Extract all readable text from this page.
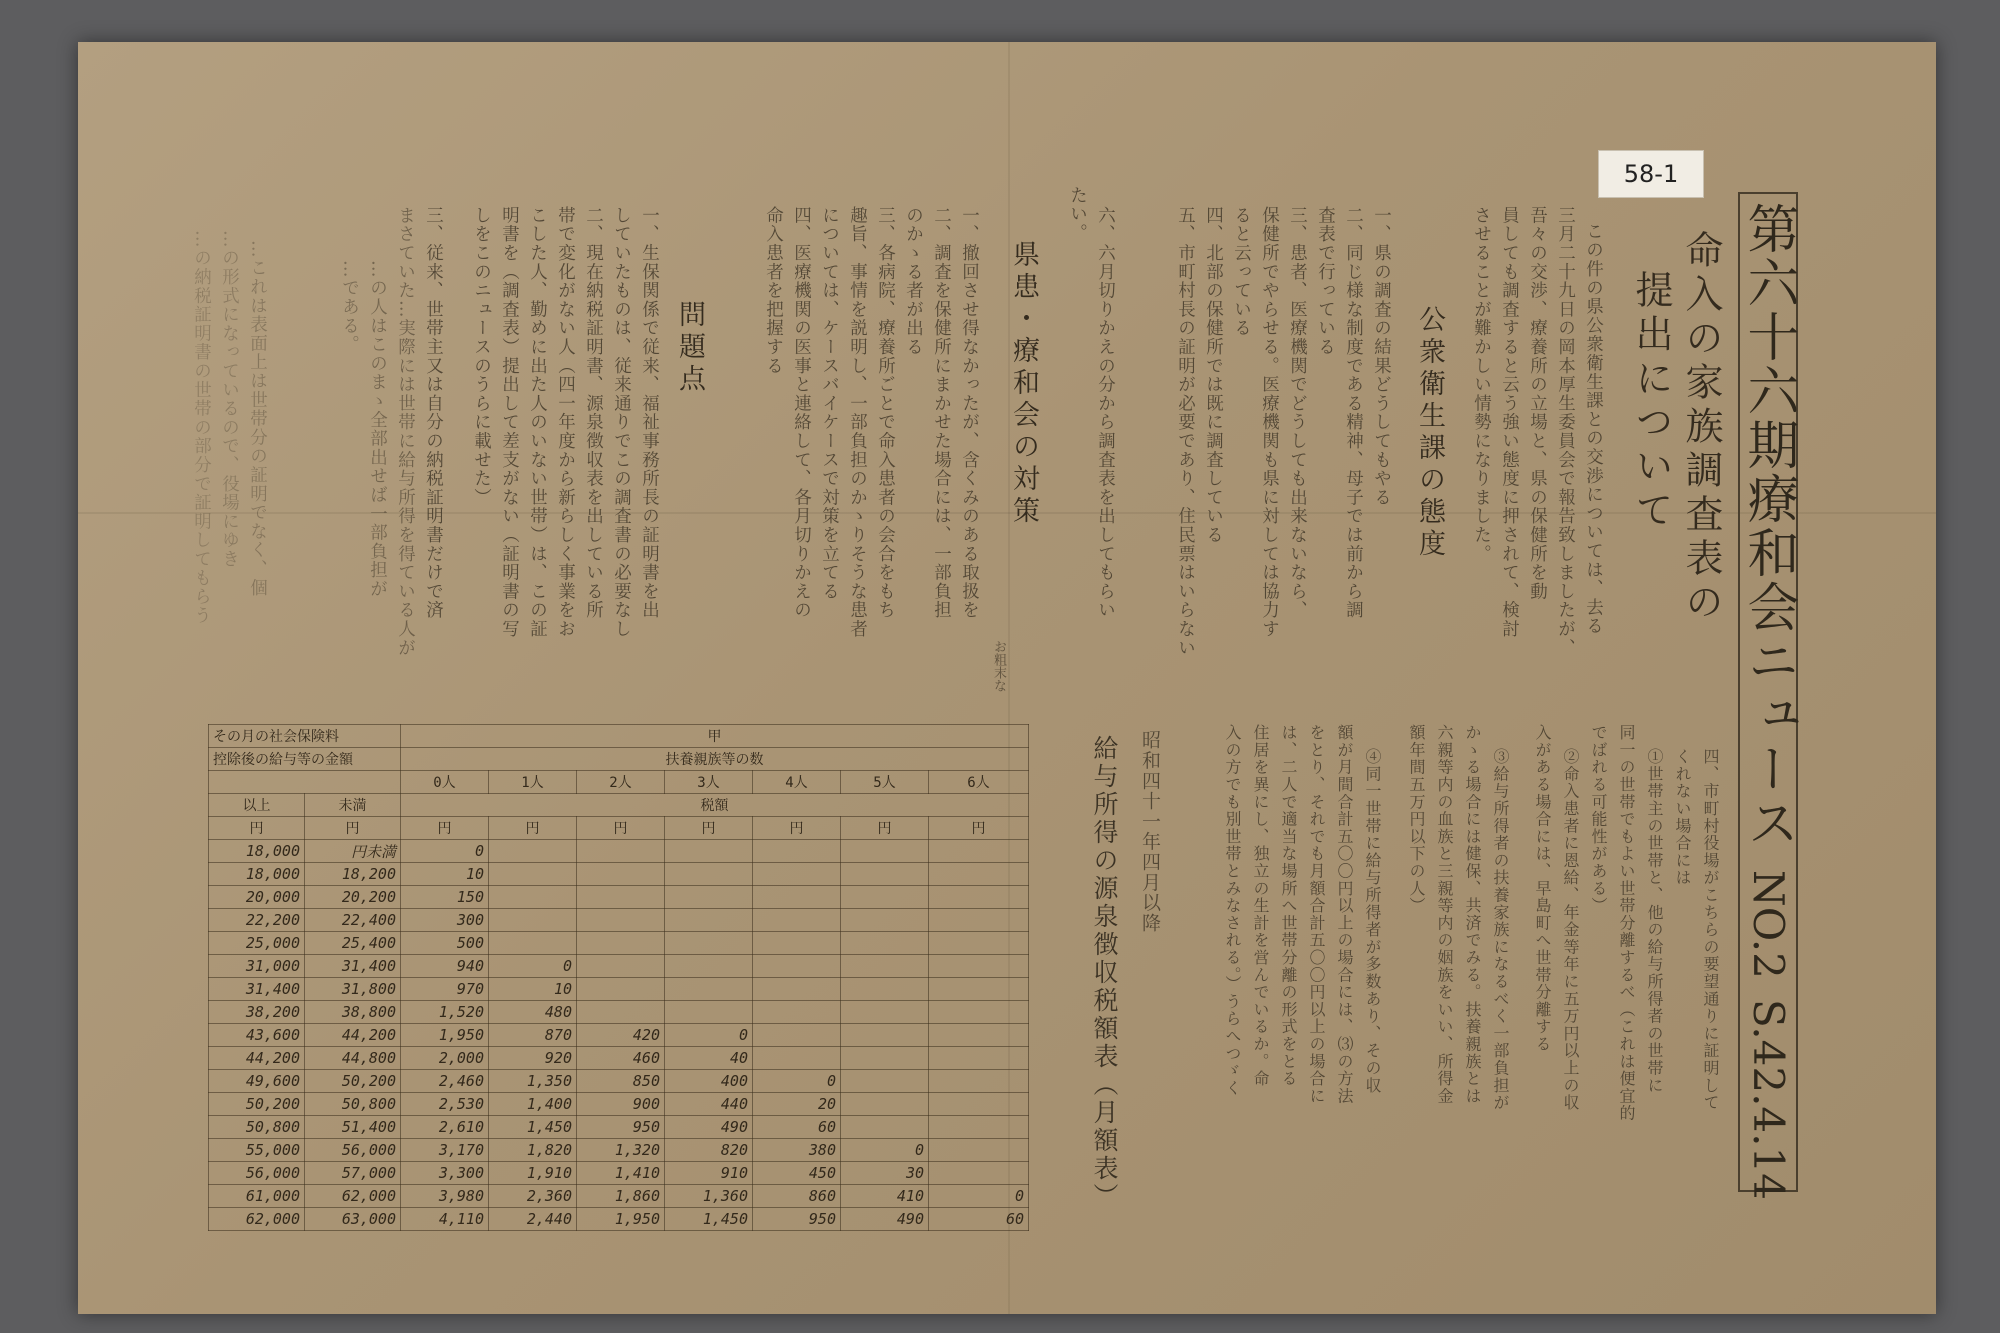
58-1
第六十六期療和会ニュース
NO.2
S.42.4.14
命入の家族調査表の
提出について
この件の県公衆衛生課との交渉については、去る
三月二十九日の岡本厚生委員会で報告致しましたが、
吾々の交渉、療養所の立場と、県の保健所を動
員しても調査すると云う強い態度に押されて、検討
させることが難かしい情勢になりました。
公衆衛生課の態度
一、県の調査の結果どうしてもやる
二、同じ様な制度である精神、母子では前から調
査表で行っている
三、患者、医療機関でどうしても出来ないなら、
保健所でやらせる。医療機関も県に対しては協力す
ると云っている
四、北部の保健所では既に調査している
五、市町村長の証明が必要であり、住民票はいらない
六、六月切りかえの分から調査表を出してもらい
たい。
県患・療和会の対策
お粗末な
一、撤回させ得なかったが、含くみのある取扱を
二、調査を保健所にまかせた場合には、一部負担
のかゝる者が出る
三、各病院、療養所ごとで命入患者の会合をもち
趣旨、事情を説明し、一部負担のかゝりそうな患者
については、ケースバイケースで対策を立てる
四、医療機関の医事と連絡して、各月切りかえの
命入患者を把握する
問題点
一、生保関係で従来、福祉事務所長の証明書を出
していたものは、従来通りでこの調査書の必要なし
二、現在納税証明書、源泉徴収表を出している所
帯で変化がない人（四一年度から新らしく事業をお
こした人、勤めに出た人のいない世帯）は、この証
明書を（調査表）提出して差支がない（証明書の写
しをこのニュースのうらに載せた）
三、従来、世帯主又は自分の納税証明書だけで済
まさていた…実際には世帯に給与所得を得ている人が
…の人はこのまゝ全部出せば一部負担が
…である。
…これは表面上は世帯分の証明でなく、個
…の形式になっているので、役場にゆき
…の納税証明書の世帯の部分で証明してもらう
四、市町村役場がこちらの要望通りに証明して
くれない場合には
①世帯主の世帯と、他の給与所得者の世帯に
同一の世帯でもよい世帯分離するべ（これは便宜的
でばれる可能性がある）
②命入患者に恩給、年金等年に五万円以上の収
入がある場合には、早島町へ世帯分離する
③給与所得者の扶養家族になるべく一部負担が
かゝる場合には健保、共済でみる。扶養親族とは
六親等内の血族と三親等内の姻族をいい、所得金
額年間五万円以下の人）
④同一世帯に給与所得者が多数あり、その収
額が月間合計五〇〇円以上の場合には、⑶の方法
をとり、それでも月額合計五〇〇円以上の場合に
は、二人で適当な場所へ世帯分離の形式をとる
住居を異にし、独立の生計を営んでいるか。命
入の方でも別世帯とみなされる。）うらへつゞく
昭和四十一年四月以降
給与所得の源泉徴収税額表（月額表）
その月の社会保険料		甲						
控除後の給与等の金額		扶養親族等の数						
		0人	1人	2人	3人	4人	5人	6人
以上	未満	税額						
円	円	円	円	円	円	円	円	円
18,000	円未満	0						
18,000	18,200	10						
20,000	20,200	150						
22,200	22,400	300						
25,000	25,400	500						
31,000	31,400	940	0					
31,400	31,800	970	10					
38,200	38,800	1,520	480					
43,600	44,200	1,950	870	420	0			
44,200	44,800	2,000	920	460	40			
49,600	50,200	2,460	1,350	850	400	0		
50,200	50,800	2,530	1,400	900	440	20		
50,800	51,400	2,610	1,450	950	490	60		
55,000	56,000	3,170	1,820	1,320	820	380	0	
56,000	57,000	3,300	1,910	1,410	910	450	30	
61,000	62,000	3,980	2,360	1,860	1,360	860	410	0
62,000	63,000	4,110	2,440	1,950	1,450	950	490	60
